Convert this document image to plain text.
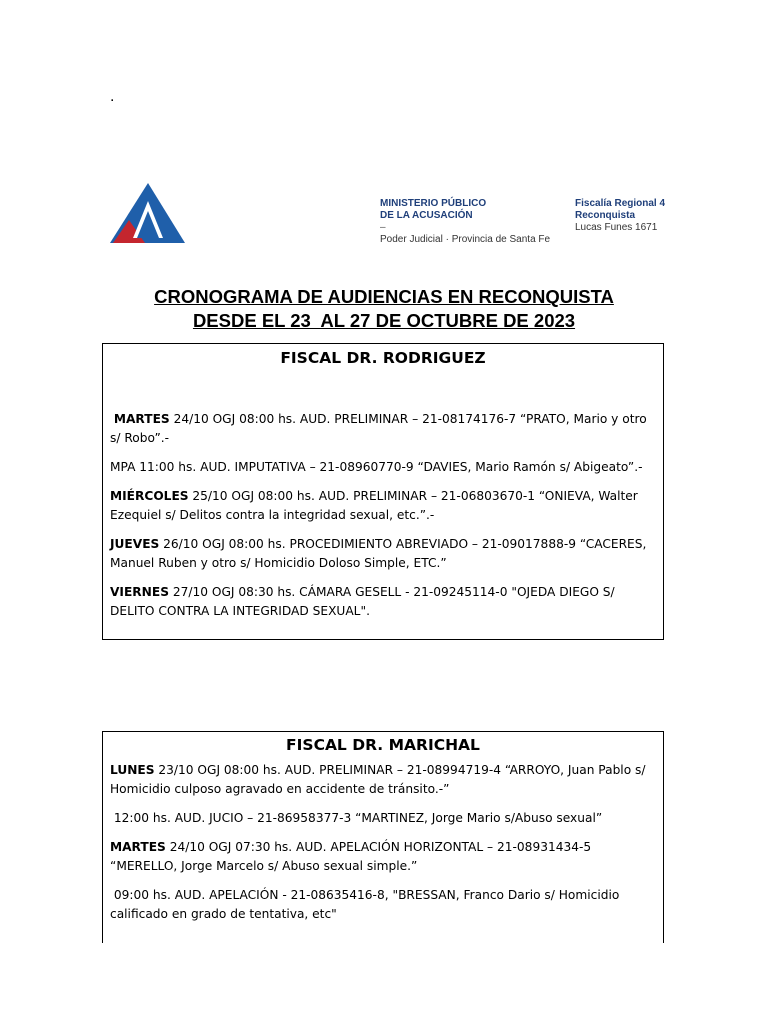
.
MINISTERIO PÚBLICO
DE LA ACUSACIÓN
–
Poder Judicial · Provincia de Santa Fe
Fiscalía Regional 4
Reconquista
Lucas Funes 1671
CRONOGRAMA DE AUDIENCIAS EN RECONQUISTA
DESDE EL 23  AL 27 DE OCTUBRE DE 2023
FISCAL DR. RODRIGUEZ

MARTES 24/10 OGJ 08:00 hs. AUD. PRELIMINAR – 21-08174176-7 “PRATO, Mario y otro s/ Robo”.-

MPA 11:00 hs. AUD. IMPUTATIVA – 21-08960770-9 “DAVIES, Mario Ramón s/ Abigeato”.-

MIÉRCOLES 25/10 OGJ 08:00 hs. AUD. PRELIMINAR – 21-06803670-1 “ONIEVA, Walter Ezequiel s/ Delitos contra la integridad sexual, etc.”.-

JUEVES 26/10 OGJ 08:00 hs. PROCEDIMIENTO ABREVIADO – 21-09017888-9 “CACERES, Manuel Ruben y otro s/ Homicidio Doloso Simple, ETC.”

VIERNES 27/10 OGJ 08:30 hs. CÁMARA GESELL - 21-09245114-0 "OJEDA DIEGO S/ DELITO CONTRA LA INTEGRIDAD SEXUAL".

FISCAL DR. MARICHAL

LUNES 23/10 OGJ 08:00 hs. AUD. PRELIMINAR – 21-08994719-4 “ARROYO, Juan Pablo s/ Homicidio culposo agravado en accidente de tránsito.-”

12:00 hs. AUD. JUCIO – 21-86958377-3 “MARTINEZ, Jorge Mario s/Abuso sexual”

MARTES 24/10 OGJ 07:30 hs. AUD. APELACIÓN HORIZONTAL – 21-08931434-5 “MERELLO, Jorge Marcelo s/ Abuso sexual simple.”

09:00 hs. AUD. APELACIÓN - 21-08635416-8, "BRESSAN, Franco Dario s/ Homicidio calificado en grado de tentativa, etc"
